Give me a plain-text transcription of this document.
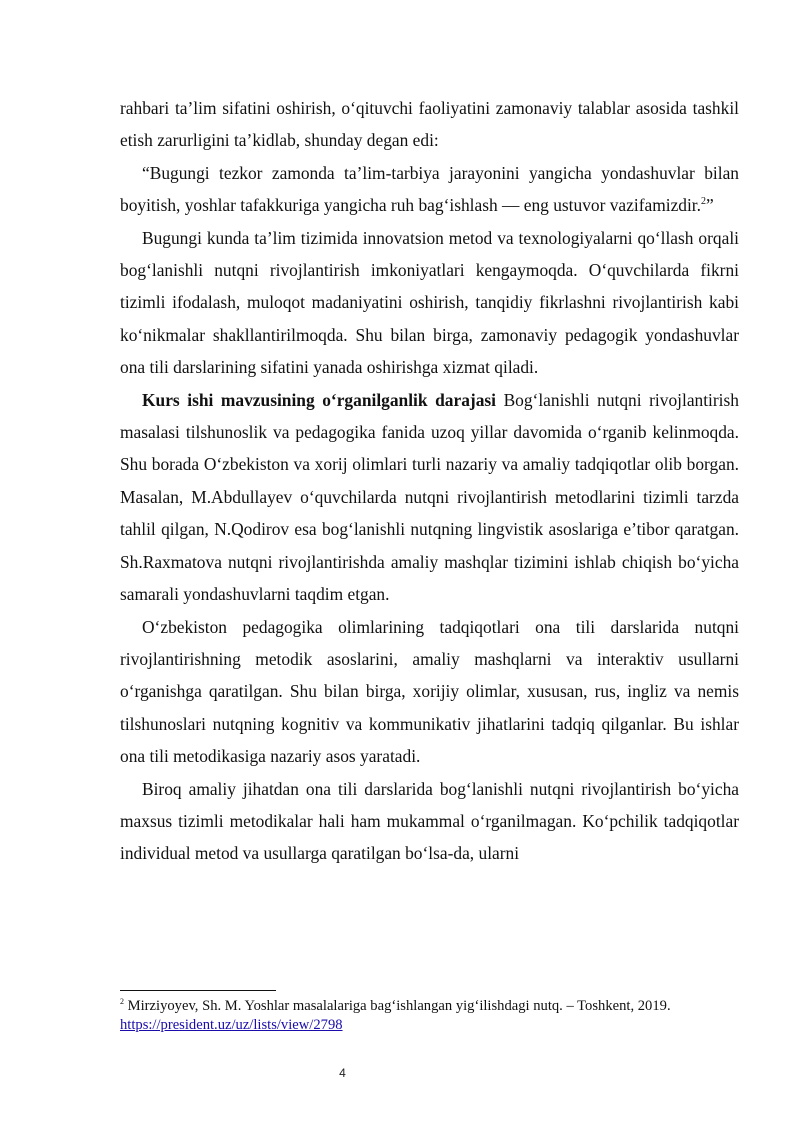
rahbari ta’lim sifatini oshirish, o‘qituvchi faoliyatini zamonaviy talablar asosida tashkil etish zarurligini ta’kidlab, shunday degan edi:

“Bugungi tezkor zamonda ta’lim-tarbiya jarayonini yangicha yondashuvlar bilan boyitish, yoshlar tafakkuriga yangicha ruh bag‘ishlash — eng ustuvor vazifamizdir.$^2$”

Bugungi kunda ta’lim tizimida innovatsion metod va texnologiyalarni qo‘llash orqali bog‘lanishli nutqni rivojlantirish imkoniyatlari kengaymoqda. O‘quvchilarda fikrni tizimli ifodalash, muloqot madaniyatini oshirish, tanqidiy fikrlashni rivojlantirish kabi ko‘nikmalar shakllantirilmoqda. Shu bilan birga, zamonaviy pedagogik yondashuvlar ona tili darslarining sifatini yanada oshirishga xizmat qiladi.

Kurs ishi mavzusining o‘rganilganlik darajasi Bog‘lanishli nutqni rivojlantirish masalasi tilshunoslik va pedagogika fanida uzoq yillar davomida o‘rganib kelinmoqda. Shu borada O‘zbekiston va xorij olimlari turli nazariy va amaliy tadqiqotlar olib borgan. Masalan, M.Abdullayev o‘quvchilarda nutqni rivojlantirish metodlarini tizimli tarzda tahlil qilgan, N.Qodirov esa bog‘lanishli nutqning lingvistik asoslariga e’tibor qaratgan. Sh.Raxmatova nutqni rivojlantirishda amaliy mashqlar tizimini ishlab chiqish bo‘yicha samarali yondashuvlarni taqdim etgan.

O‘zbekiston pedagogika olimlarining tadqiqotlari ona tili darslarida nutqni rivojlantirishning metodik asoslarini, amaliy mashqlarni va interaktiv usullarni o‘rganishga qaratilgan. Shu bilan birga, xorijiy olimlar, xususan, rus, ingliz va nemis tilshunoslari nutqning kognitiv va kommunikativ jihatlarini tadqiq qilganlar. Bu ishlar ona tili metodikasiga nazariy asos yaratadi.

Biroq amaliy jihatdan ona tili darslarida bog‘lanishli nutqni rivojlantirish bo‘yicha maxsus tizimli metodikalar hali ham mukammal o‘rganilmagan. Ko‘pchilik tadqiqotlar individual metod va usullarga qaratilgan bo‘lsa-da, ularni

$^2$ Mirziyoyev, Sh. M. Yoshlar masalalariga bag‘ishlangan yig‘ilishdagi nutq. – Toshkent, 2019.
https://president.uz/uz/lists/view/2798
4
